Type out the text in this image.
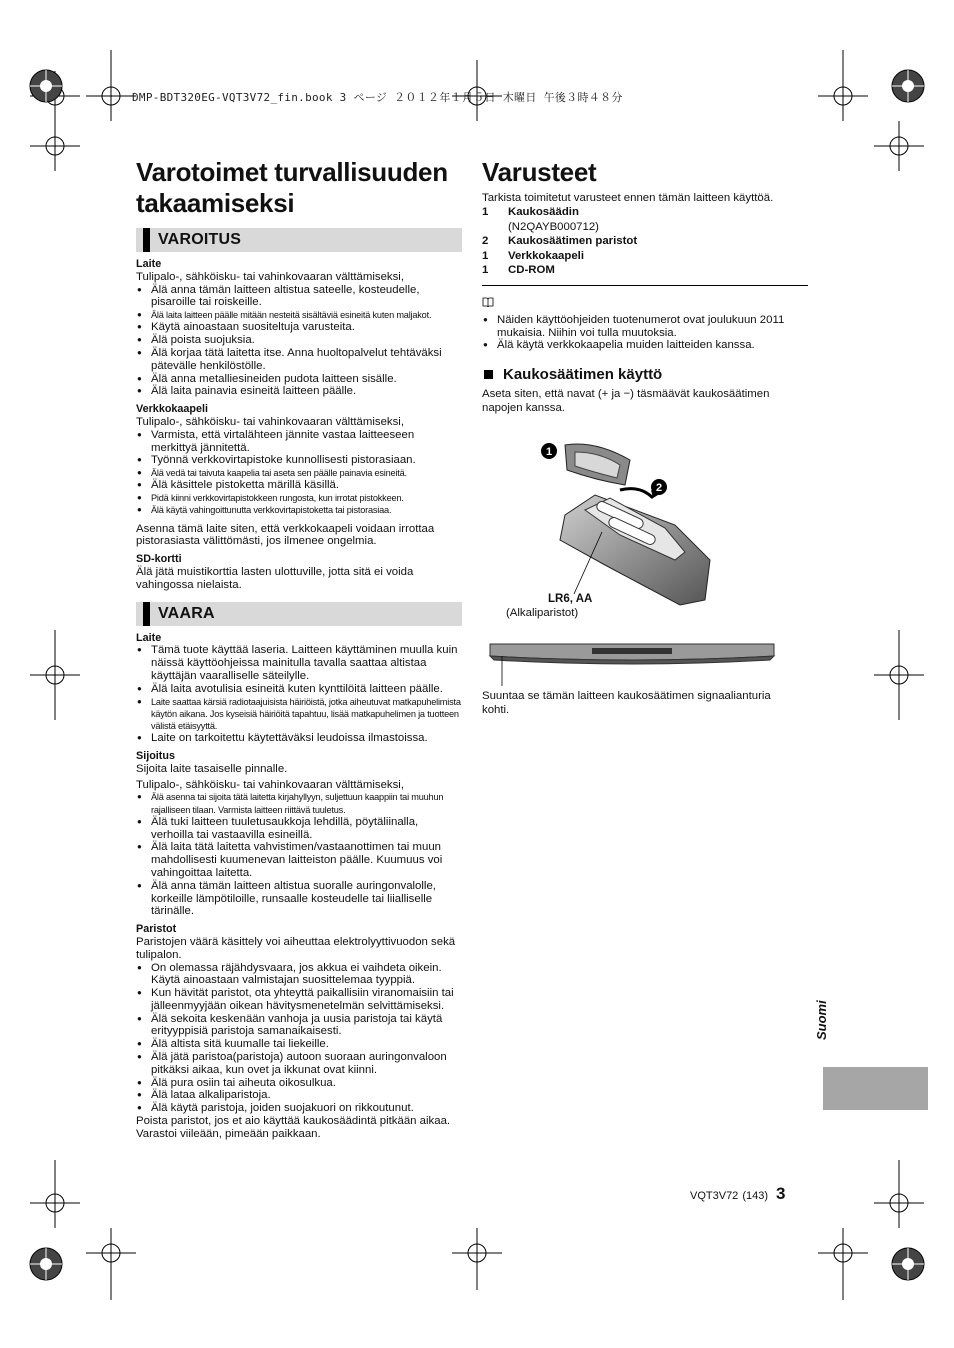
DMP-BDT320EG-VQT3V72_fin.book 3 ページ ２０１２年１月５日 木曜日 午後３時４８分
Varotoimet turvallisuuden
takaamiseksi
VAROITUS
Laite

Tulipalo-, sähköisku- tai vahinkovaaran välttämiseksi,

● Älä anna tämän laitteen altistua sateelle, kosteudelle, pisaroille tai roiskeille.
● Älä laita laitteen päälle mitään nesteitä sisältäviä esineitä kuten maljakot.
● Käytä ainoastaan suositeltuja varusteita.
● Älä poista suojuksia.
● Älä korjaa tätä laitetta itse. Anna huoltopalvelut tehtäväksi pätevälle henkilöstölle.
● Älä anna metalliesineiden pudota laitteen sisälle.
● Älä laita painavia esineitä laitteen päälle.
Verkkokaapeli

Tulipalo-, sähköisku- tai vahinkovaaran välttämiseksi,

● Varmista, että virtalähteen jännite vastaa laitteeseen merkittyä jännitettä.
● Työnnä verkkovirtapistoke kunnollisesti pistorasiaan.
● Älä vedä tai taivuta kaapelia tai aseta sen päälle painavia esineitä.
● Älä käsittele pistoketta märillä käsillä.
● Pidä kiinni verkkovirtapistokkeen rungosta, kun irrotat pistokkeen.
● Älä käytä vahingoittunutta verkkovirtapistoketta tai pistorasiaa.

Asenna tämä laite siten, että verkkokaapeli voidaan irrottaa pistorasiasta välittömästi, jos ilmenee ongelmia.

SD-kortti

Älä jätä muistikorttia lasten ulottuville, jotta sitä ei voida vahingossa nielaista.

VAARA
Laite
● Tämä tuote käyttää laseria. Laitteen käyttäminen muulla kuin näissä käyttöohjeissa mainitulla tavalla saattaa altistaa käyttäjän vaaralliselle säteilylle.
● Älä laita avotulisia esineitä kuten kynttilöitä laitteen päälle.
● Laite saattaa kärsiä radiotaajuisista häiriöistä, jotka aiheutuvat matkapuhelimista käytön aikana. Jos kyseisiä häiriöitä tapahtuu, lisää matkapuhelimen ja tuotteen välistä etäisyyttä.
● Laite on tarkoitettu käytettäväksi leudoissa ilmastoissa.
Sijoitus

Sijoita laite tasaiselle pinnalle.

Tulipalo-, sähköisku- tai vahinkovaaran välttämiseksi,

● Älä asenna tai sijoita tätä laitetta kirjahyllyyn, suljettuun kaappiin tai muuhun rajalliseen tilaan. Varmista laitteen riittävä tuuletus.
● Älä tuki laitteen tuuletusaukkoja lehdillä, pöytäliinalla, verhoilla tai vastaavilla esineillä.
● Älä laita tätä laitetta vahvistimen/vastaanottimen tai muun mahdollisesti kuumenevan laitteiston päälle. Kuumuus voi vahingoittaa laitetta.
● Älä anna tämän laitteen altistua suoralle auringonvalolle, korkeille lämpötiloille, runsaalle kosteudelle tai liialliselle tärinälle.
Paristot

Paristojen väärä käsittely voi aiheuttaa elektrolyyttivuodon sekä tulipalon.

● On olemassa räjähdysvaara, jos akkua ei vaihdeta oikein. Käytä ainoastaan valmistajan suosittelemaa tyyppiä.
● Kun hävität paristot, ota yhteyttä paikallisiin viranomaisiin tai jälleenmyyjään oikean hävitysmenetelmän selvittämiseksi.
● Älä sekoita keskenään vanhoja ja uusia paristoja tai käytä erityyppisiä paristoja samanaikaisesti.
● Älä altista sitä kuumalle tai liekeille.
● Älä jätä paristoa(paristoja) autoon suoraan auringonvaloon pitkäksi aikaa, kun ovet ja ikkunat ovat kiinni.
● Älä pura osiin tai aiheuta oikosulkua.
● Älä lataa alkaliparistoja.
● Älä käytä paristoja, joiden suojakuori on rikkoutunut.

Poista paristot, jos et aio käyttää kaukosäädintä pitkään aikaa. Varastoi viileään, pimeään paikkaan.

Varusteet

Tarkista toimitetut varusteet ennen tämän laitteen käyttöä.

1	Kaukosäädin
(N2QAYB000712)
2	Kaukosäätimen paristot
1	Verkkokaapeli
1	CD-ROM
● Näiden käyttöohjeiden tuotenumerot ovat joulukuun 2011 mukaisia. Niihin voi tulla muutoksia.
● Älä käytä verkkokaapelia muiden laitteiden kanssa.
Kaukosäätimen käyttö

Aseta siten, että navat (+ ja −) täsmäävät kaukosäätimen napojen kanssa.

1
2
LR6, AA
(Alkaliparistot)
Suuntaa se tämän laitteen kaukosäätimen signaalianturia kohti.
Suomi
VQT3V72 (143) 3
